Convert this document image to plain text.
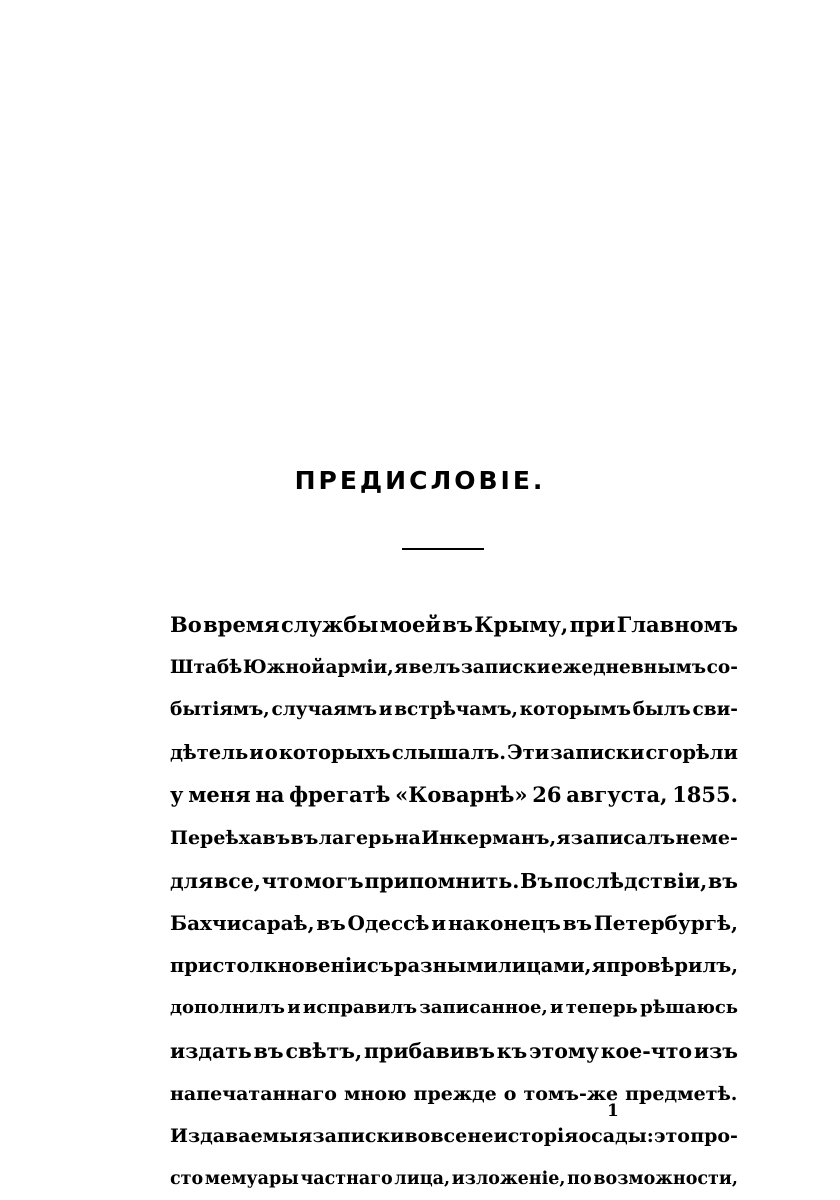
ПРЕДИСЛОВIЕ.
Во время службы моей въ Крыму, при Главномъ
Штабѣ Южной арміи, я велъ записки ежедневнымъ со-
бытіямъ, случаямъ и встрѣчамъ, которымъ былъ сви-
дѣтель и о которыхъ слышалъ. Эти записки сгорѣли
у меня на фрегатѣ «Коварнѣ» 26 августа, 1855.
Переѣхавъ въ лагерь на Инкерманъ, я записалъ неме-
для все, что могъ припомнить. Въ послѣдствіи, въ
Бахчисараѣ, въ Одессѣ и наконецъ въ Петербургѣ,
при столкновеніи съ разными лицами, я провѣрилъ,
дополнилъ и исправилъ записанное, и теперь рѣшаюсь
издать въ свѣтъ, прибавивъ къ этому кое-что изъ
напечатаннаго мною прежде о томъ-же предметѣ.
Издаваемыя записки вовсе не исторія осады: это про-
сто мемуары частнаго лица, изложеніе, по возможности,
1
